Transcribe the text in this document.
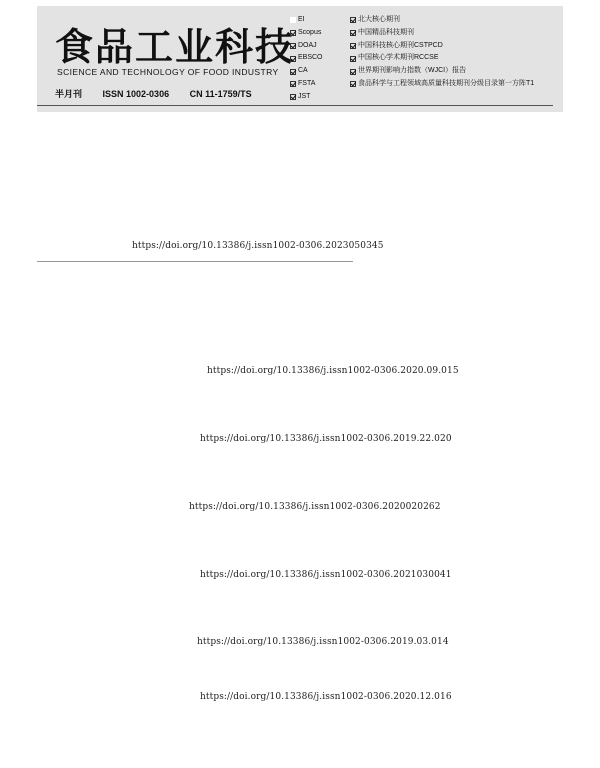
食品工业科技
SCIENCE AND TECHNOLOGY OF FOOD INDUSTRY
半月刊 ISSN 1002-0306 CN 11-1759/TS
EI
Scopus
DOAJ
EBSCO
CA
FSTA
JST
北大核心期刊
中国精品科技期刊
中国科技核心期刊CSTPCD
中国核心学术期刊RCCSE
世界期刊影响力指数（WJCI）报告
食品科学与工程领域高质量科技期刊分级目录第一方阵T1
https://doi.org/10.13386/j.issn1002-0306.2023050345
https://doi.org/10.13386/j.issn1002-0306.2020.09.015
https://doi.org/10.13386/j.issn1002-0306.2019.22.020
https://doi.org/10.13386/j.issn1002-0306.2020020262
https://doi.org/10.13386/j.issn1002-0306.2021030041
https://doi.org/10.13386/j.issn1002-0306.2019.03.014
https://doi.org/10.13386/j.issn1002-0306.2020.12.016
